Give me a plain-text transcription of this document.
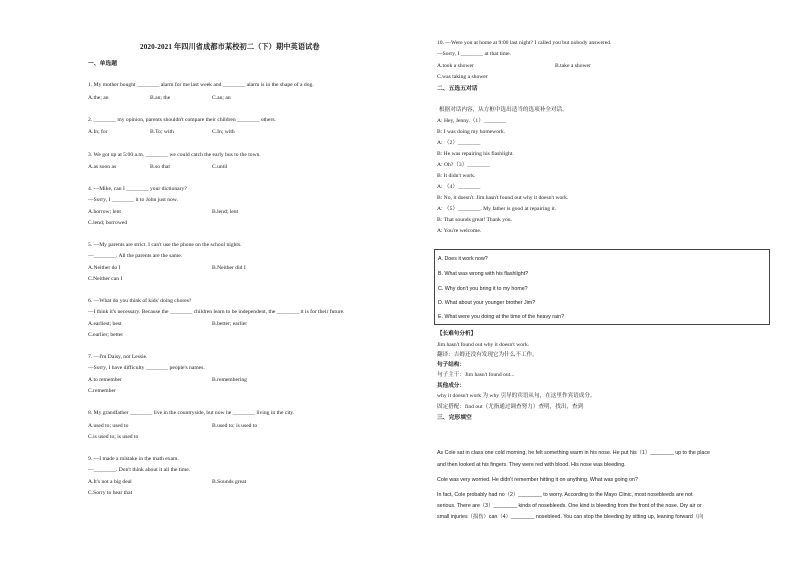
2020-2021 年四川省成都市某校初二（下）期中英语试卷
一、单选题
1. My mother bought ________ alarm for me last week and ________ alarm is in the shape of a dog.
A.the; an	B.an; the	C.an; an
2. ________ my opinion, parents shouldn't compare their children ________ others.
A.In; for	B.To; with	C.In; with
3. We got up at 5:00 a.m. ________ we could catch the early bus to the town.
A.as soon as	B.so that	C.until
4. —Mike, can I ________ your dictionary?
—Sorry, I ________ it to John just now.
A.borrow; lent	B.lend; lent
C.lend; borrowed
5. —My parents are strict. I can't use the phone on the school nights.
—________. All the parents are the same.
A.Neither do I	B.Neither did I
C.Neither can I
6. —What do you think of kids' doing chores?
—I think it's necessary. Because the ________ children learn to be independent, the ________ it is for their future.
A.earliest; best	B.better; earlier
C.earlier; better
7. —I'm Daisy, not Lessie.
—Sorry, I have difficulty ________ people's names.
A.to remember	B.remembering
C.remember
8. My grandfather ________ live in the countryside, but now he ________ living in the city.
A.used to; used to	B.used to; is used to
C.is used to; is used to
9. —I made a mistake in the math exam.
—________. Don't think about it all the time.
A.It's not a big deal	B.Sounds great
C.Sorry to hear that
10. —Were you at home at 9:00 last night? I called you but nobody answered.
—Sorry, I ________ at that time.
A.took a shower	B.take a shower
C.was taking a shower
二、五选五对话
根据对话内容，从方框中选出适当的选项补全对话。
A: Hey, Jenny.（1）________
B: I was doing my homework.
A: （2）________
B: He was repairing his flashlight.
A: Oh?（3）________
B: It didn't work.
A: （4）________
B: No, it doesn't. Jim hasn't found out why it doesn't work.
A: （5）________. My father is good at repairing it.
B: That sounds great! Thank you.
A: You're welcome.
A. Does it work now?
B. What was wrong with his flashlight?
C. Why don't you bring it to my home?
D. What about your younger brother Jim?
E. What were you doing at the time of the heavy rain?
【长难句分析】
Jim hasn't found out why it doesn't work.
翻译：吉姆还没有发现它为什么不工作。
句子结构：
句子主干：Jim hasn't found out...
其他成分：
why it doesn't work 为 why 引导的宾语从句，在这里作宾语成分。
固定搭配：find out（尤指通过调查努力）查明，找出，查到
三、完形填空
As Cole sat in class one cold morning, he felt something warm in his nose. He put his（1）________ up to the place
and then looked at his fingers. They were red with blood. His nose was bleeding.
Cole was very worried. He didn't remember hitting it on anything. What was going on?
In fact, Cole probably had no（2）________ to worry. According to the Mayo Clinic, most nosebleeds are not
serious. There are（3）________ kinds of nosebleeds. One kind is bleeding from the front of the nose. Dry air or
small injuries（损伤）can（4）________ nosebleed. You can stop the bleeding by sitting up, leaning forward（向
